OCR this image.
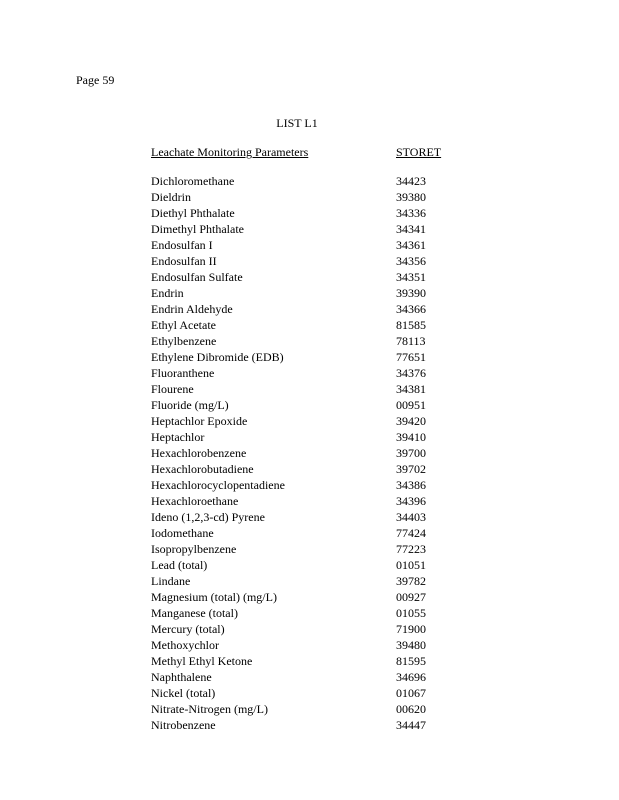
Page 59
LIST L1
Leachate Monitoring Parameters	STORET
Dichloromethane	34423
Dieldrin	39380
Diethyl Phthalate	34336
Dimethyl Phthalate	34341
Endosulfan I	34361
Endosulfan II	34356
Endosulfan Sulfate	34351
Endrin	39390
Endrin Aldehyde	34366
Ethyl Acetate	81585
Ethylbenzene	78113
Ethylene Dibromide (EDB)	77651
Fluoranthene	34376
Flourene	34381
Fluoride (mg/L)	00951
Heptachlor Epoxide	39420
Heptachlor	39410
Hexachlorobenzene	39700
Hexachlorobutadiene	39702
Hexachlorocyclopentadiene	34386
Hexachloroethane	34396
Ideno (1,2,3-cd) Pyrene	34403
Iodomethane	77424
Isopropylbenzene	77223
Lead (total)	01051
Lindane	39782
Magnesium (total) (mg/L)	00927
Manganese (total)	01055
Mercury (total)	71900
Methoxychlor	39480
Methyl Ethyl Ketone	81595
Naphthalene	34696
Nickel (total)	01067
Nitrate-Nitrogen (mg/L)	00620
Nitrobenzene	34447
